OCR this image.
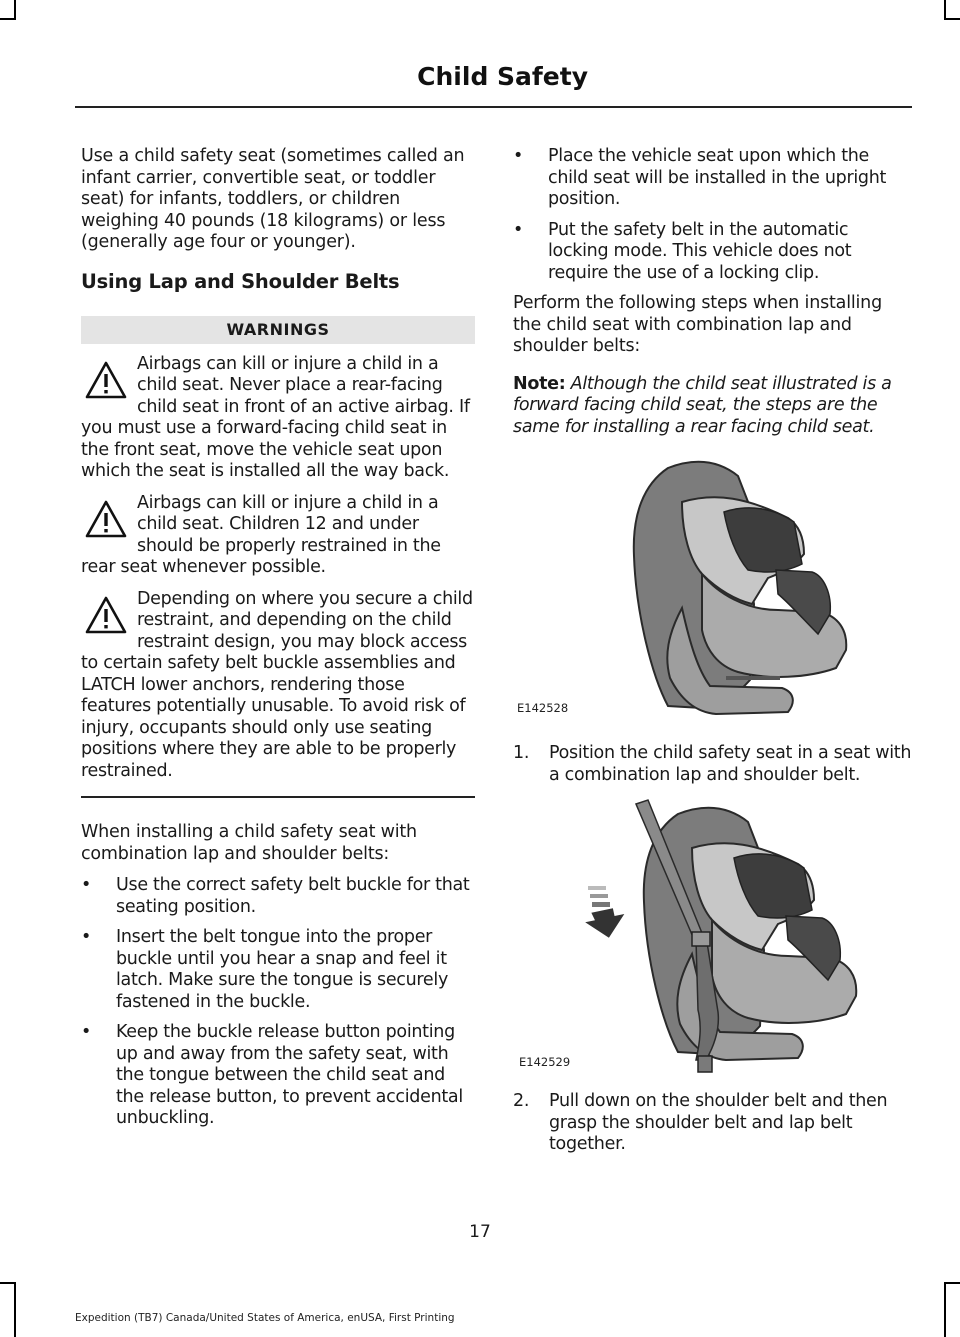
Child Safety

Use a child safety seat (sometimes called an infant carrier, convertible seat, or toddler seat) for infants, toddlers, or children weighing 40 pounds (18 kilograms) or less (generally age four or younger).

Using Lap and Shoulder Belts
WARNINGS
Airbags can kill or injure a child in a child seat. Never place a rear-facing child seat in front of an active airbag. If you must use a forward-facing child seat in the front seat, move the vehicle seat upon which the seat is installed all the way back.
Airbags can kill or injure a child in a child seat. Children 12 and under should be properly restrained in the rear seat whenever possible.
Depending on where you secure a child restraint, and depending on the child restraint design, you may block access to certain safety belt buckle assemblies and LATCH lower anchors, rendering those features potentially unusable. To avoid risk of injury, occupants should only use seating positions where they are able to be properly restrained.

When installing a child safety seat with combination lap and shoulder belts:

• Use the correct safety belt buckle for that seating position.
• Insert the belt tongue into the proper buckle until you hear a snap and feel it latch. Make sure the tongue is securely fastened in the buckle.
• Keep the buckle release button pointing up and away from the safety seat, with the tongue between the child seat and the release button, to prevent accidental unbuckling.
• Place the vehicle seat upon which the child seat will be installed in the upright position.
• Put the safety belt in the automatic locking mode. This vehicle does not require the use of a locking clip.

Perform the following steps when installing the child seat with combination lap and shoulder belts:

Note: Although the child seat illustrated is a forward facing child seat, the steps are the same for installing a rear facing child seat.

E142528
1. Position the child safety seat in a seat with a combination lap and shoulder belt.
E142529
2. Pull down on the shoulder belt and then grasp the shoulder belt and lap belt together.
17
Expedition (TB7) Canada/United States of America, enUSA, First Printing
